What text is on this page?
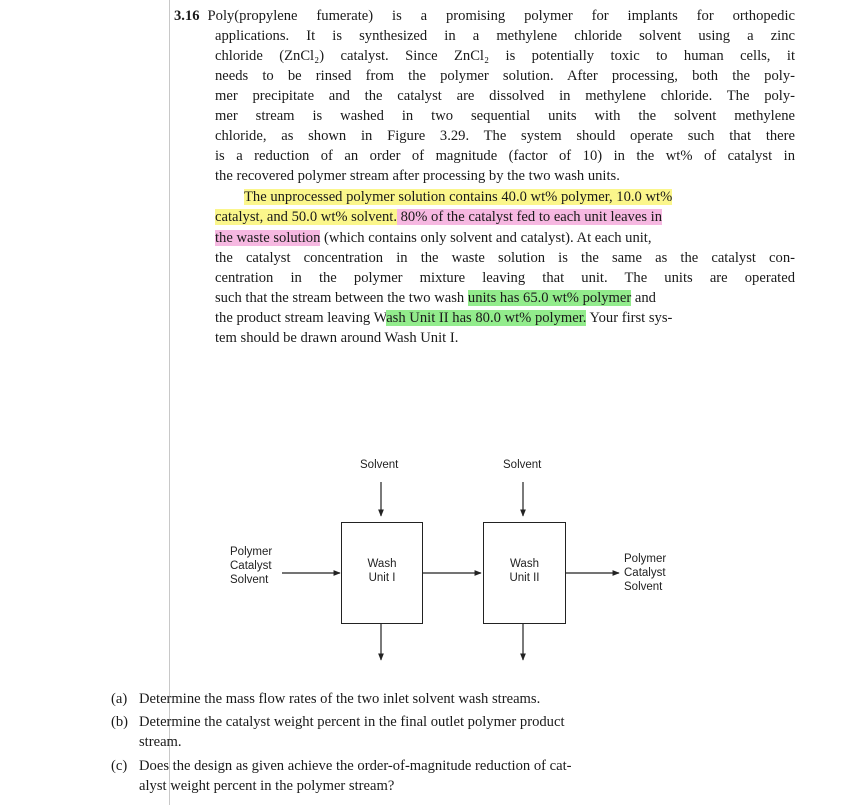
3.16 Poly(propylene fumerate) is a promising polymer for implants for orthopedic
applications. It is synthesized in a methylene chloride solvent using a zinc
chloride (ZnCl₂) catalyst. Since ZnCl₂ is potentially toxic to human cells, it
needs to be rinsed from the polymer solution. After processing, both the poly-
mer precipitate and the catalyst are dissolved in methylene chloride. The poly-
mer stream is washed in two sequential units with the solvent methylene
chloride, as shown in Figure 3.29. The system should operate such that there
is a reduction of an order of magnitude (factor of 10) in the wt% of catalyst in
the recovered polymer stream after processing by the two wash units.
The unprocessed polymer solution contains 40.0 wt% polymer, 10.0 wt%
catalyst, and 50.0 wt% solvent. 80% of the catalyst fed to each unit leaves in
the waste solution (which contains only solvent and catalyst). At each unit,
the catalyst concentration in the waste solution is the same as the catalyst con-
centration in the polymer mixture leaving that unit. The units are operated
such that the stream between the two wash units has 65.0 wt% polymer and
the product stream leaving Wash Unit II has 80.0 wt% polymer. Your first sys-
tem should be drawn around Wash Unit I.
Solvent	Solvent
Polymer
Catalyst
Solvent
Polymer
Catalyst
Solvent
Wash
Unit I
Wash
Unit II
(a) Determine the mass flow rates of the two inlet solvent wash streams.
(b) Determine the catalyst weight percent in the final outlet polymer product
stream.
(c) Does the design as given achieve the order-of-magnitude reduction of cat-
alyst weight percent in the polymer stream?
